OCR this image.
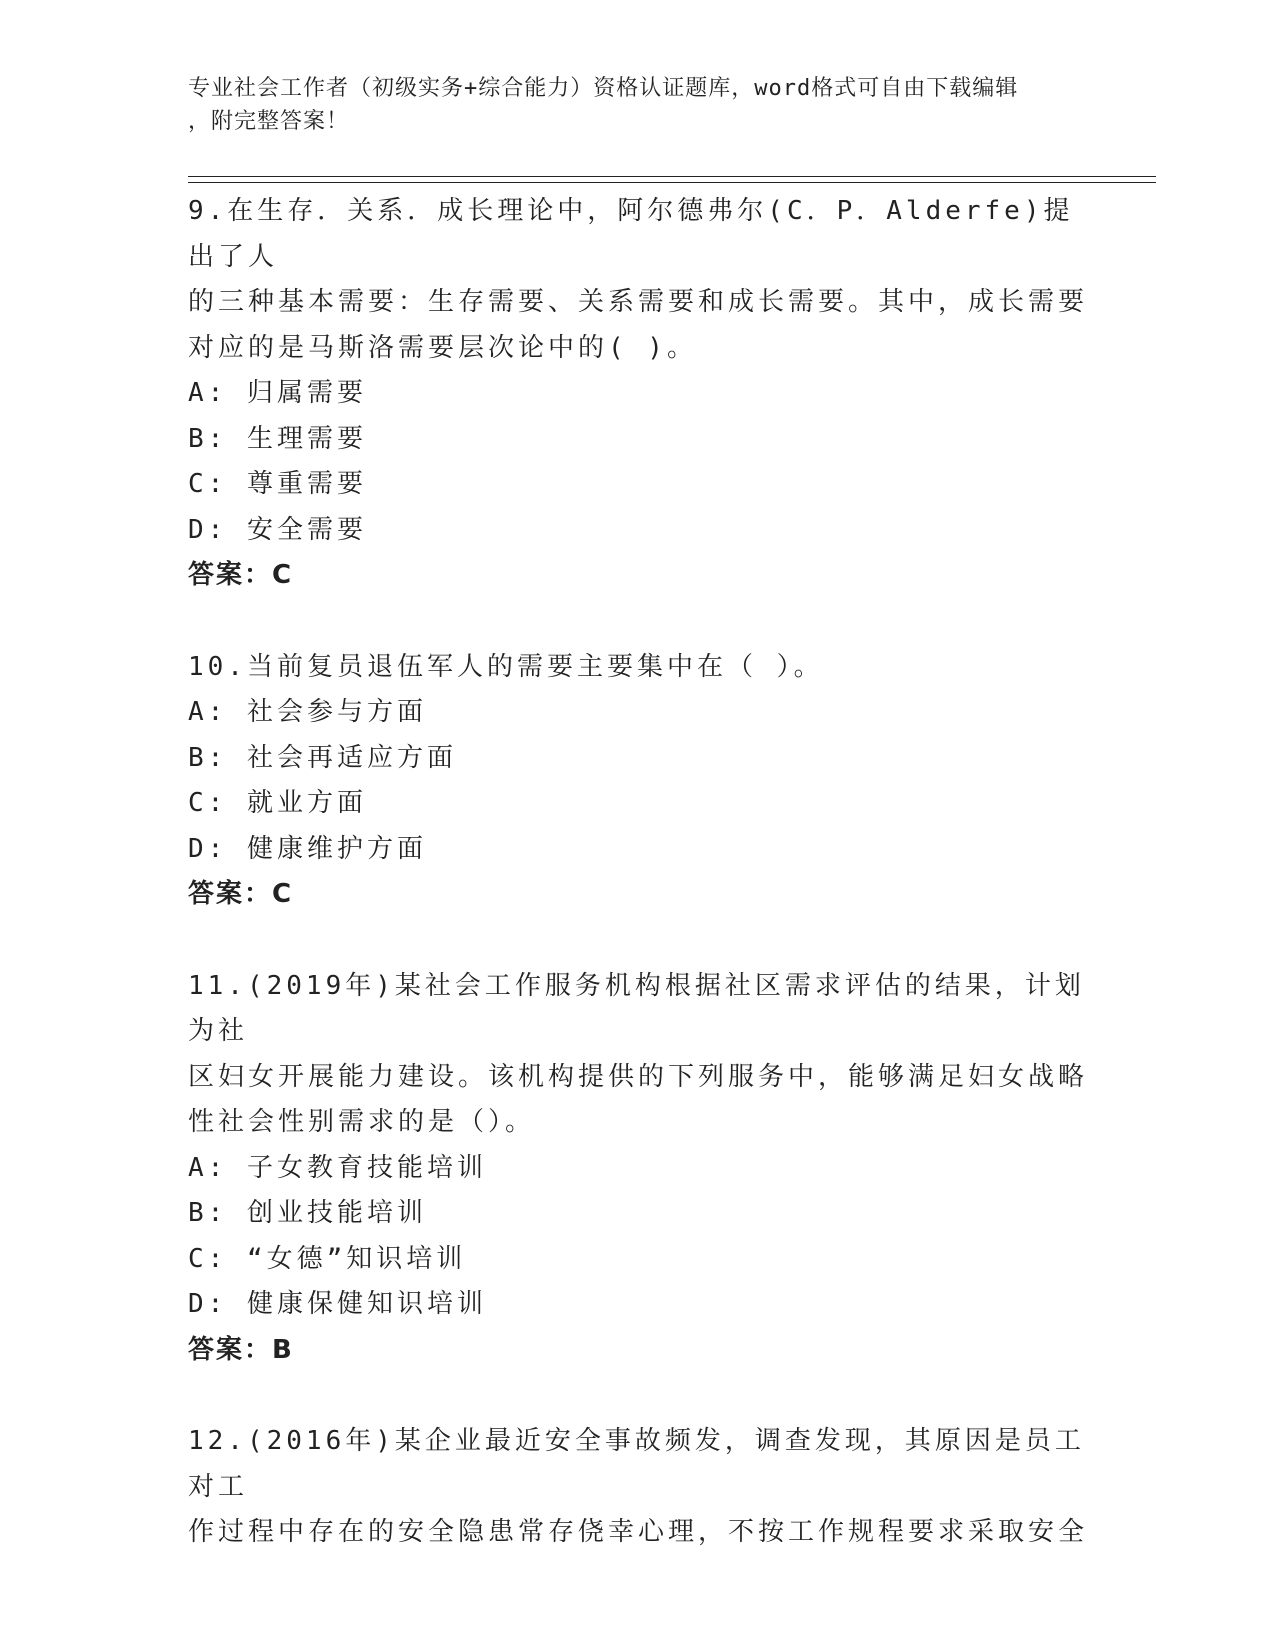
专业社会工作者（初级实务+综合能力）资格认证题库，word格式可自由下载编辑
，附完整答案！

9.在生存．关系．成长理论中，阿尔德弗尔(C．P．Alderfe)提出了人

的三种基本需要：生存需要、关系需要和成长需要。其中，成长需要

对应的是马斯洛需要层次论中的( )。

A: 归属需要
B: 生理需要
C: 尊重需要
D: 安全需要

答案：C

10.当前复员退伍军人的需要主要集中在（ ）。

A: 社会参与方面
B: 社会再适应方面
C: 就业方面
D: 健康维护方面

答案：C

11.(2019年)某社会工作服务机构根据社区需求评估的结果，计划为社

区妇女开展能力建设。该机构提供的下列服务中，能够满足妇女战略

性社会性别需求的是（）。

A: 子女教育技能培训
B: 创业技能培训
C: “女德”知识培训
D: 健康保健知识培训

答案：B

12.(2016年)某企业最近安全事故频发，调查发现，其原因是员工对工

作过程中存在的安全隐患常存侥幸心理，不按工作规程要求采取安全
